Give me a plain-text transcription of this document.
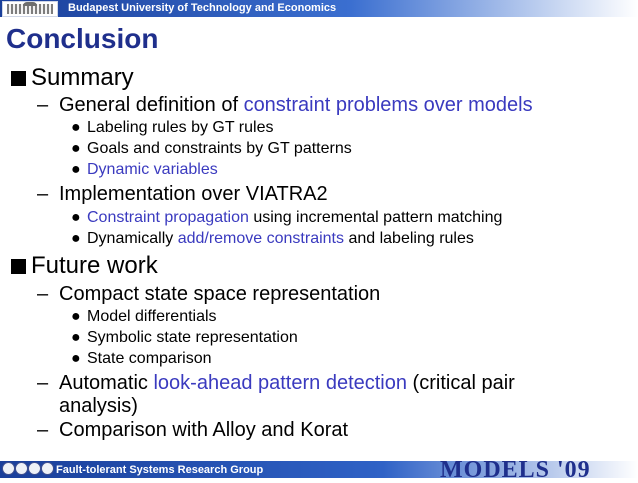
Budapest University of Technology and Economics
Conclusion
Summary
– General definition of constraint problems over models
● Labeling rules by GT rules
● Goals and constraints by GT patterns
● Dynamic variables
– Implementation over VIATRA2
● Constraint propagation using incremental pattern matching
● Dynamically add/remove constraints and labeling rules
Future work
– Compact state space representation
● Model differentials
● Symbolic state representation
● State comparison
– Automatic look-ahead pattern detection (critical pair
analysis)
– Comparison with Alloy and Korat
Fault-tolerant Systems Research Group	MODELS '09
